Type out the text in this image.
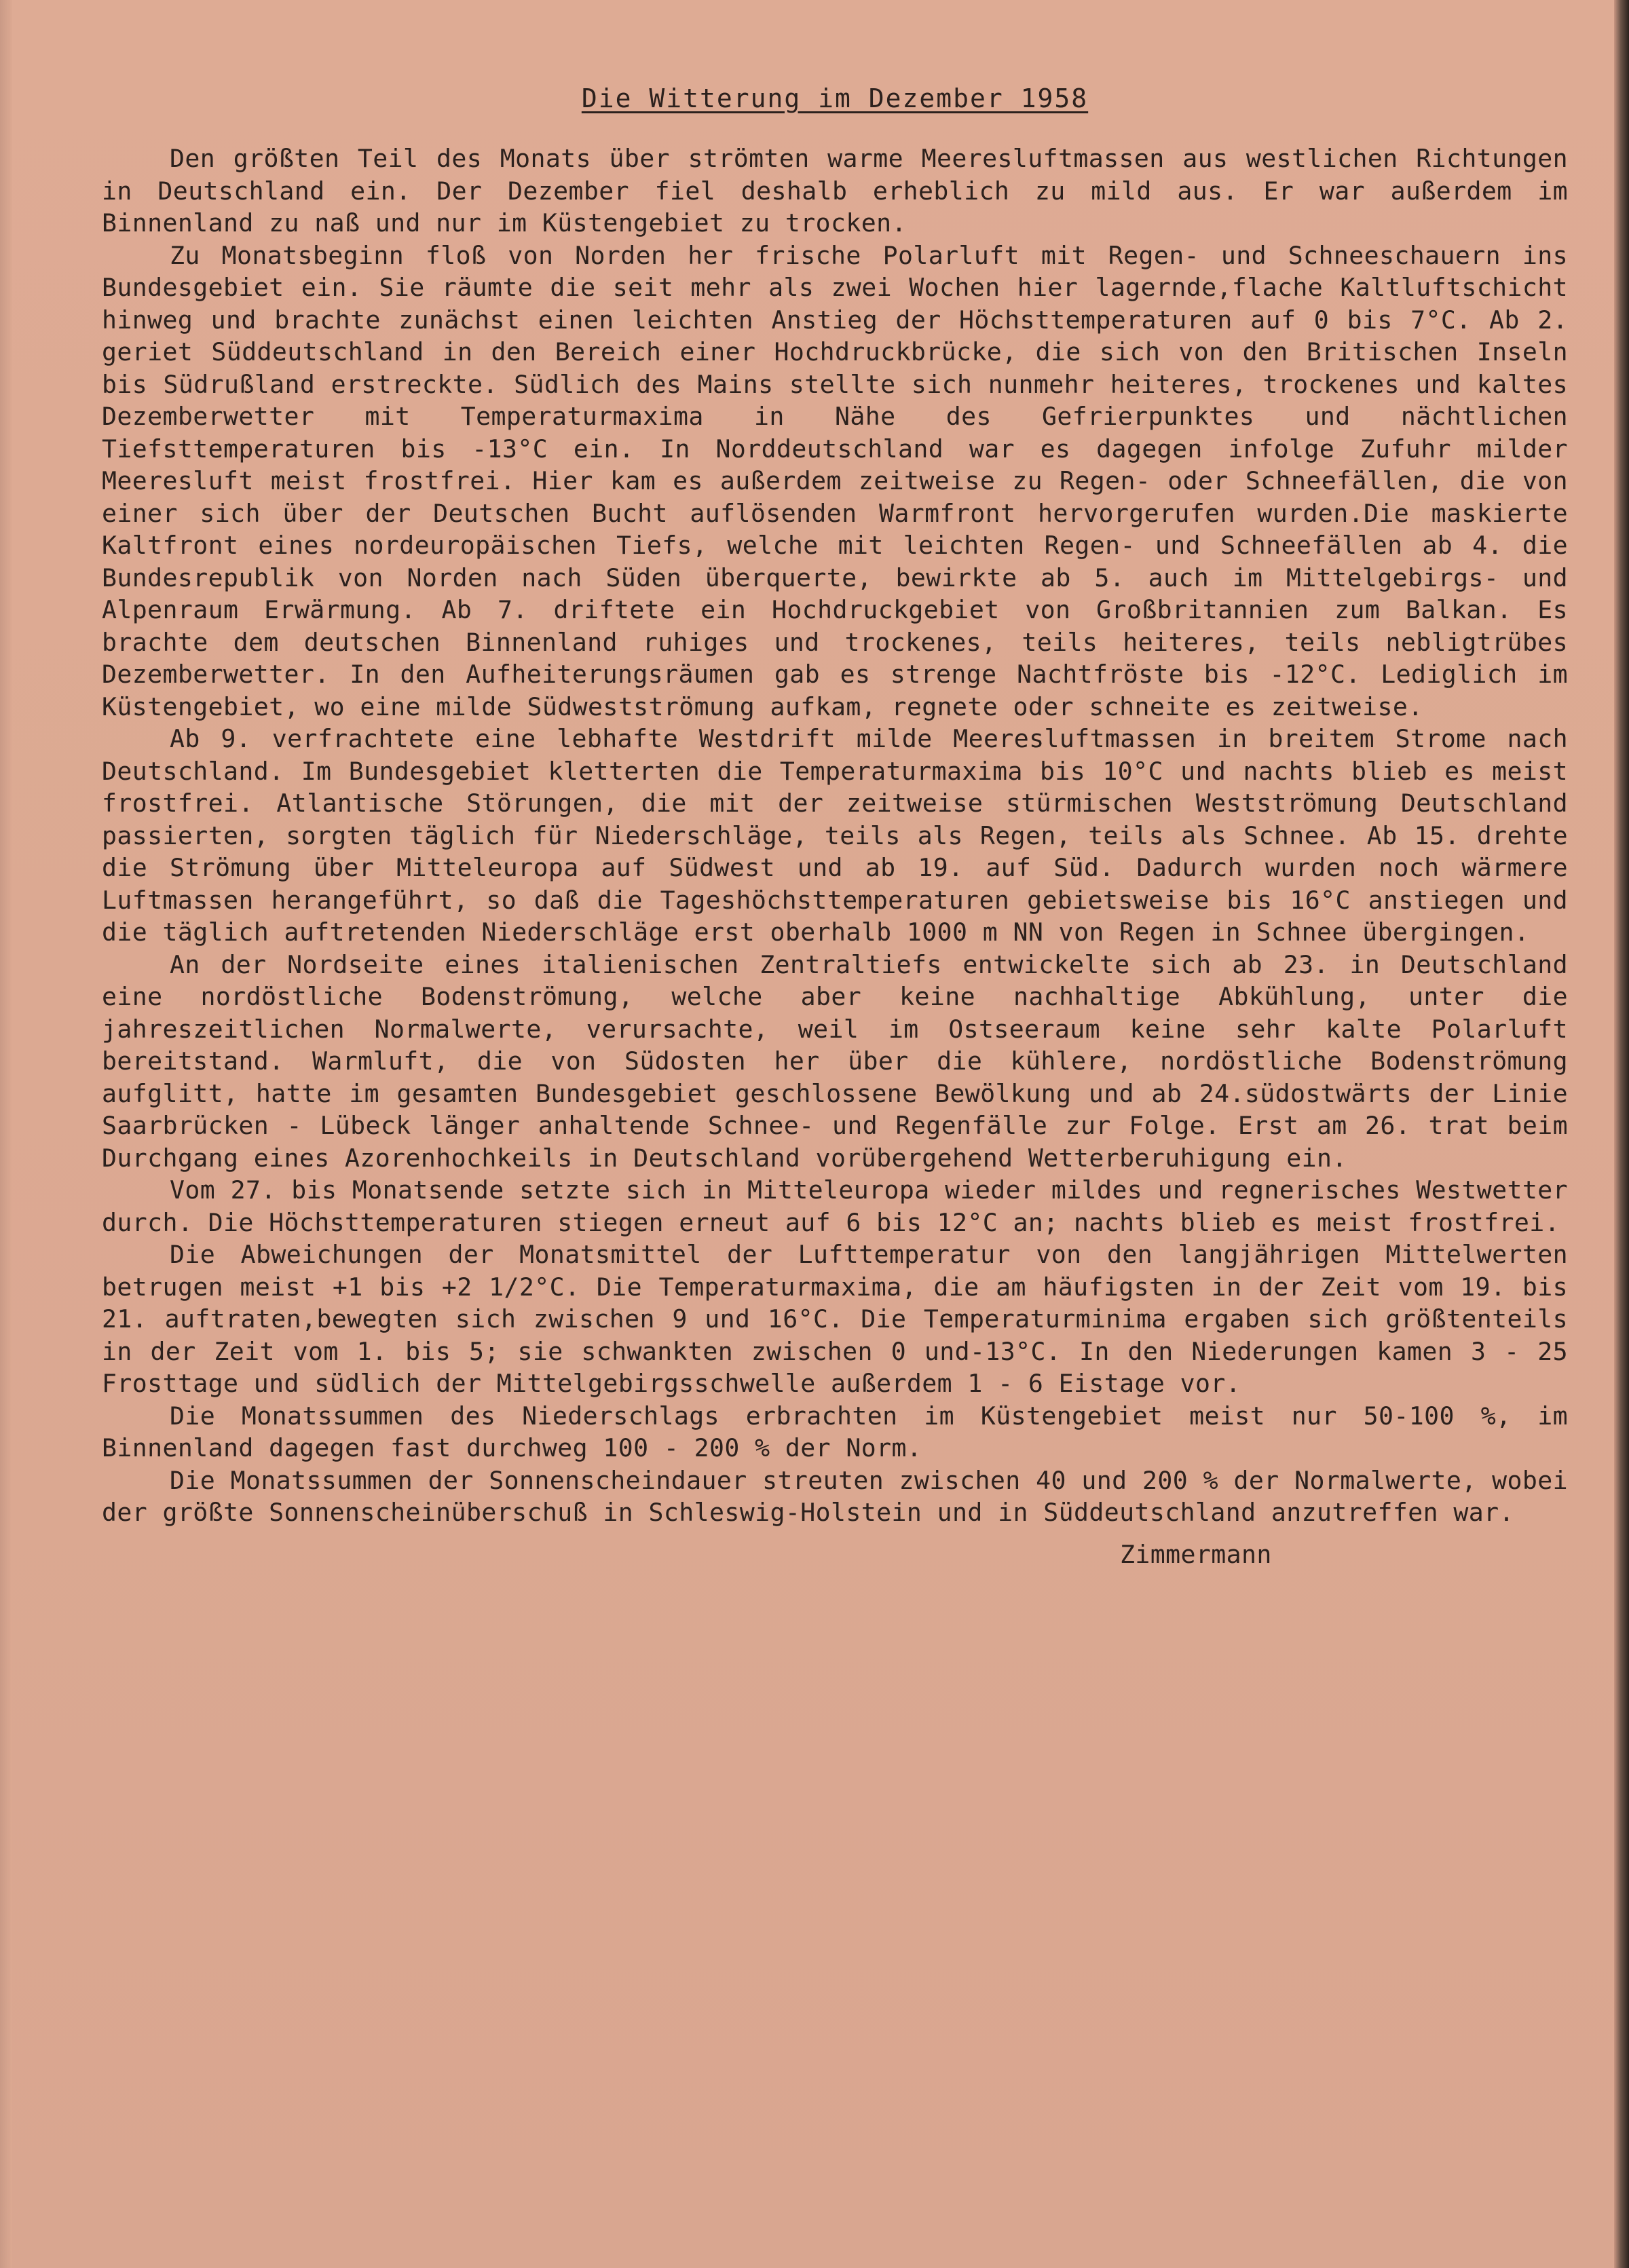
Die Witterung im Dezember 1958

Den größten Teil des Monats über strömten warme Meeresluftmassen aus westlichen Richtungen in Deutschland ein. Der Dezember fiel deshalb erheblich zu mild aus. Er war außerdem im Binnenland zu naß und nur im Küstengebiet zu trocken.

Zu Monatsbeginn floß von Norden her frische Polarluft mit Regen- und Schneeschauern ins Bundesgebiet ein. Sie räumte die seit mehr als zwei Wochen hier lagernde,flache Kaltluftschicht hinweg und brachte zunächst einen leichten Anstieg der Höchsttemperaturen auf 0 bis 7°C. Ab 2. geriet Süddeutschland in den Bereich einer Hochdruckbrücke, die sich von den Britischen Inseln bis Südrußland erstreckte. Südlich des Mains stellte sich nunmehr heiteres, trockenes und kaltes Dezemberwetter mit Temperaturmaxima in Nähe des Gefrierpunktes und nächtlichen Tiefsttemperaturen bis -13°C ein. In Norddeutschland war es dagegen infolge Zufuhr milder Meeresluft meist frostfrei. Hier kam es außerdem zeitweise zu Regen- oder Schneefällen, die von einer sich über der Deutschen Bucht auflösenden Warmfront hervorgerufen wurden.Die maskierte Kaltfront eines nordeuropäischen Tiefs, welche mit leichten Regen- und Schneefällen ab 4. die Bundesrepublik von Norden nach Süden überquerte, bewirkte ab 5. auch im Mittelgebirgs- und Alpenraum Erwärmung. Ab 7. driftete ein Hochdruckgebiet von Großbritannien zum Balkan. Es brachte dem deutschen Binnenland ruhiges und trockenes, teils heiteres, teils nebligtrübes Dezemberwetter. In den Aufheiterungsräumen gab es strenge Nachtfröste bis -12°C. Lediglich im Küstengebiet, wo eine milde Südwestströmung aufkam, regnete oder schneite es zeitweise.

Ab 9. verfrachtete eine lebhafte Westdrift milde Meeresluftmassen in breitem Strome nach Deutschland. Im Bundesgebiet kletterten die Temperaturmaxima bis 10°C und nachts blieb es meist frostfrei. Atlantische Störungen, die mit der zeitweise stürmischen Westströmung Deutschland passierten, sorgten täglich für Niederschläge, teils als Regen, teils als Schnee. Ab 15. drehte die Strömung über Mitteleuropa auf Südwest und ab 19. auf Süd. Dadurch wurden noch wärmere Luftmassen herangeführt, so daß die Tageshöchsttemperaturen gebietsweise bis 16°C anstiegen und die täglich auftretenden Niederschläge erst oberhalb 1000 m NN von Regen in Schnee übergingen.

An der Nordseite eines italienischen Zentraltiefs entwickelte sich ab 23. in Deutschland eine nordöstliche Bodenströmung, welche aber keine nachhaltige Abkühlung, unter die jahreszeitlichen Normalwerte, verursachte, weil im Ostseeraum keine sehr kalte Polarluft bereitstand. Warmluft, die von Südosten her über die kühlere, nordöstliche Bodenströmung aufglitt, hatte im gesamten Bundesgebiet geschlossene Bewölkung und ab 24.südostwärts der Linie Saarbrücken - Lübeck länger anhaltende Schnee- und Regenfälle zur Folge. Erst am 26. trat beim Durchgang eines Azorenhochkeils in Deutschland vorübergehend Wetterberuhigung ein.

Vom 27. bis Monatsende setzte sich in Mitteleuropa wieder mildes und regnerisches Westwetter durch. Die Höchsttemperaturen stiegen erneut auf 6 bis 12°C an; nachts blieb es meist frostfrei.

Die Abweichungen der Monatsmittel der Lufttemperatur von den langjährigen Mittelwerten betrugen meist +1 bis +2 1/2°C. Die Temperaturmaxima, die am häufigsten in der Zeit vom 19. bis 21. auftraten,bewegten sich zwischen 9 und 16°C. Die Temperaturminima ergaben sich größtenteils in der Zeit vom 1. bis 5; sie schwankten zwischen 0 und-13°C. In den Niederungen kamen 3 - 25 Frosttage und südlich der Mittelgebirgsschwelle außerdem 1 - 6 Eistage vor.

Die Monatssummen des Niederschlags erbrachten im Küstengebiet meist nur 50-100 %, im Binnenland dagegen fast durchweg 100 - 200 % der Norm.

Die Monatssummen der Sonnenscheindauer streuten zwischen 40 und 200 % der Normalwerte, wobei der größte Sonnenscheinüberschuß in Schleswig-Holstein und in Süddeutschland anzutreffen war.

Zimmermann
